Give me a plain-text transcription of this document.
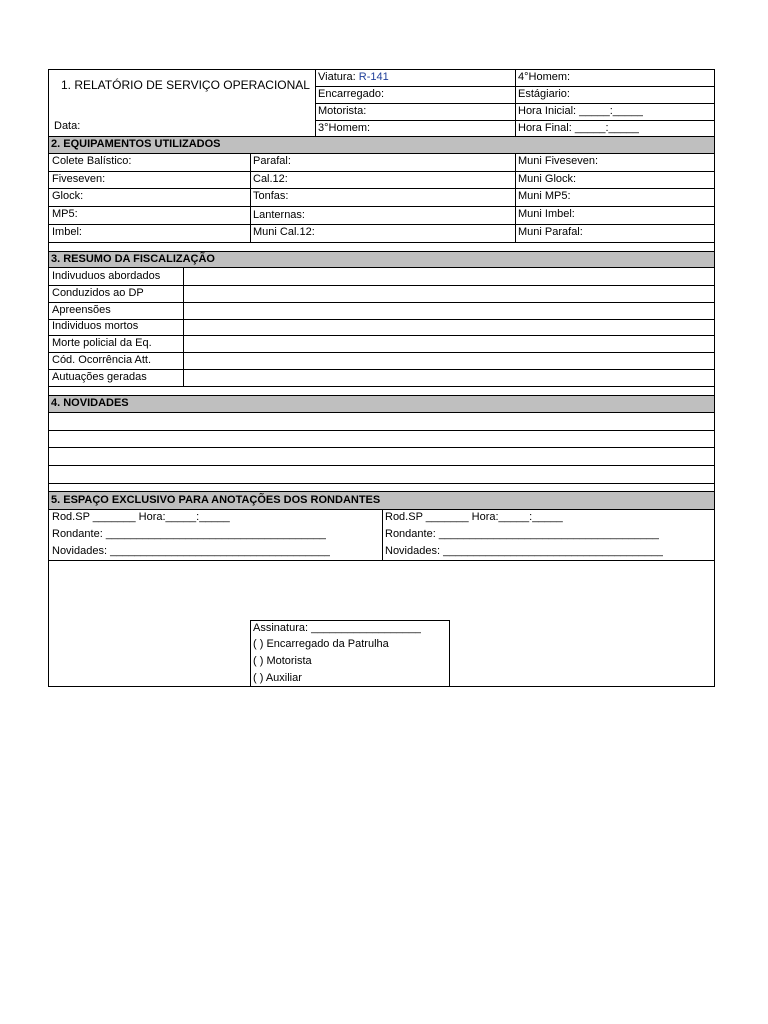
1. RELATÓRIO DE SERVIÇO OPERACIONAL
Data:
Viatura: R-141
Encarregado:
Motorista:
3°Homem:
4°Homem:
Estágiario:
Hora Inicial: _____:_____
Hora Final: _____:_____
2. EQUIPAMENTOS UTILIZADOS
Colete Balístico:
Fiveseven:
Glock:
MP5:
Imbel:
Parafal:
Cal.12:
Tonfas:
Lanternas:
Muni Cal.12:
Muni Fiveseven:
Muni Glock:
Muni MP5:
Muni Imbel:
Muni Parafal:
3. RESUMO DA FISCALIZAÇÃO
Indivuduos abordados
Conduzidos ao DP
Apreensões
Individuos mortos
Morte policial da Eq.
Cód. Ocorrência Att.
Autuações geradas
4. NOVIDADES
5. ESPAÇO EXCLUSIVO PARA ANOTAÇÕES DOS RONDANTES
Rod.SP _______ Hora:_____:_____
Rondante: ____________________________________
Novidades: ____________________________________
Rod.SP _______ Hora:_____:_____
Rondante: ____________________________________
Novidades: ____________________________________
Assinatura: __________________
( ) Encarregado da Patrulha
( ) Motorista
( ) Auxiliar
